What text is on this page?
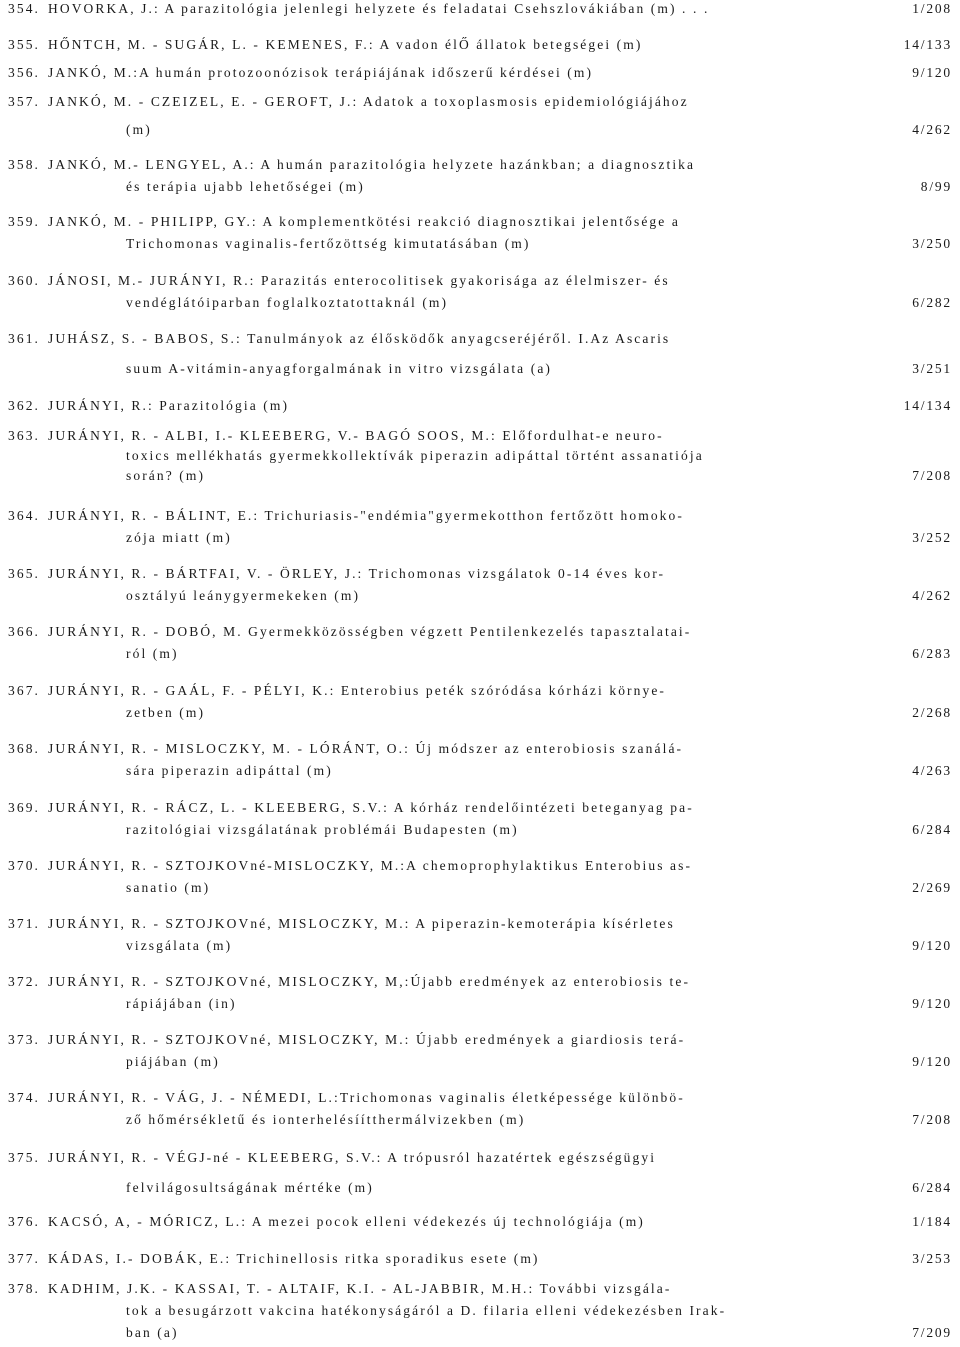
354. HOVORKA, J.: A parazitológia jelenlegi helyzete és feladatai Csehszlovákiában (m) . . .	1/208
355. HŐNTCH, M. - SUGÁR, L. - KEMENES, F.: A vadon élŐ állatok betegségei (m)	14/133
356. JANKÓ, M.:A humán protozoonózisok terápiájának időszerű kérdései (m)	9/120
357. JANKÓ, M. - CZEIZEL, E. - GEROFT, J.: Adatok a toxoplasmosis epidemiológiájához
(m)	4/262
358. JANKÓ, M.- LENGYEL, A.: A humán parazitológia helyzete hazánkban; a diagnosztika
és terápia ujabb lehetőségei (m)	8/99
359. JANKÓ, M. - PHILIPP, GY.: A komplementkötési reakció diagnosztikai jelentősége a
Trichomonas vaginalis-fertőzöttség kimutatásában (m)	3/250
360. JÁNOSI, M.- JURÁNYI, R.: Parazitás enterocolitisek gyakorisága az élelmiszer- és
vendéglátóiparban foglalkoztatottaknál (m)	6/282
361. JUHÁSZ, S. - BABOS, S.: Tanulmányok az élősködők anyagcseréjéről. I.Az Ascaris
suum A-vitámin-anyagforgalmának in vitro vizsgálata (a)	3/251
362. JURÁNYI, R.: Parazitológia (m)	14/134
363. JURÁNYI, R. - ALBI, I.- KLEEBERG, V.- BAGÓ SOOS, M.: Előfordulhat-e neuro-
toxics mellékhatás gyermekkollektívák piperazin adipáttal történt assanatiója
során? (m)	7/208
364. JURÁNYI, R. - BÁLINT, E.: Trichuriasis-"endémia"gyermekotthon fertőzött homoko-
zója miatt (m)	3/252
365. JURÁNYI, R. - BÁRTFAI, V. - ÖRLEY, J.: Trichomonas vizsgálatok 0-14 éves kor-
osztályú leánygyermekeken (m)	4/262
366. JURÁNYI, R. - DOBÓ, M. Gyermekközösségben végzett Pentilenkezelés tapasztalatai-
ról (m)	6/283
367. JURÁNYI, R. - GAÁL, F. - PÉLYI, K.: Enterobius peték szóródása kórházi környe-
zetben (m)	2/268
368. JURÁNYI, R. - MISLOCZKY, M. - LÓRÁNT, O.: Új módszer az enterobiosis szanálá-
sára piperazin adipáttal (m)	4/263
369. JURÁNYI, R. - RÁCZ, L. - KLEEBERG, S.V.: A kórház rendelőintézeti beteganyag pa-
razitológiai vizsgálatának problémái Budapesten (m)	6/284
370. JURÁNYI, R. - SZTOJKOVné-MISLOCZKY, M.:A chemoprophylaktikus Enterobius as-
sanatio (m)	2/269
371. JURÁNYI, R. - SZTOJKOVné, MISLOCZKY, M.: A piperazin-kemoterápia kísérletes
vizsgálata (m)	9/120
372. JURÁNYI, R. - SZTOJKOVné, MISLOCZKY, M,:Újabb eredmények az enterobiosis te-
rápiájában (in)	9/120
373. JURÁNYI, R. - SZTOJKOVné, MISLOCZKY, M.: Újabb eredmények a giardiosis terá-
piájában (m)	9/120
374. JURÁNYI, R. - VÁG, J. - NÉMEDI, L.:Trichomonas vaginalis életképessége különbö-
ző hőmérsékletű és ionterhelésíítthermálvizekben (m)	7/208
375. JURÁNYI, R. - VÉGJ-né - KLEEBERG, S.V.: A trópusról hazatértek egészségügyi
felvilágosultságának mértéke (m)	6/284
376. KACSÓ, A, - MÓRICZ, L.: A mezei pocok elleni védekezés új technológiája (m)	1/184
377. KÁDAS, I.- DOBÁK, E.: Trichinellosis ritka sporadikus esete (m)	3/253
378. KADHIM, J.K. - KASSAI, T. - ALTAIF, K.I. - AL-JABBIR, M.H.: További vizsgála-
tok a besugárzott vakcina hatékonyságáról a D. filaria elleni védekezésben Irak-
ban (a)	7/209
